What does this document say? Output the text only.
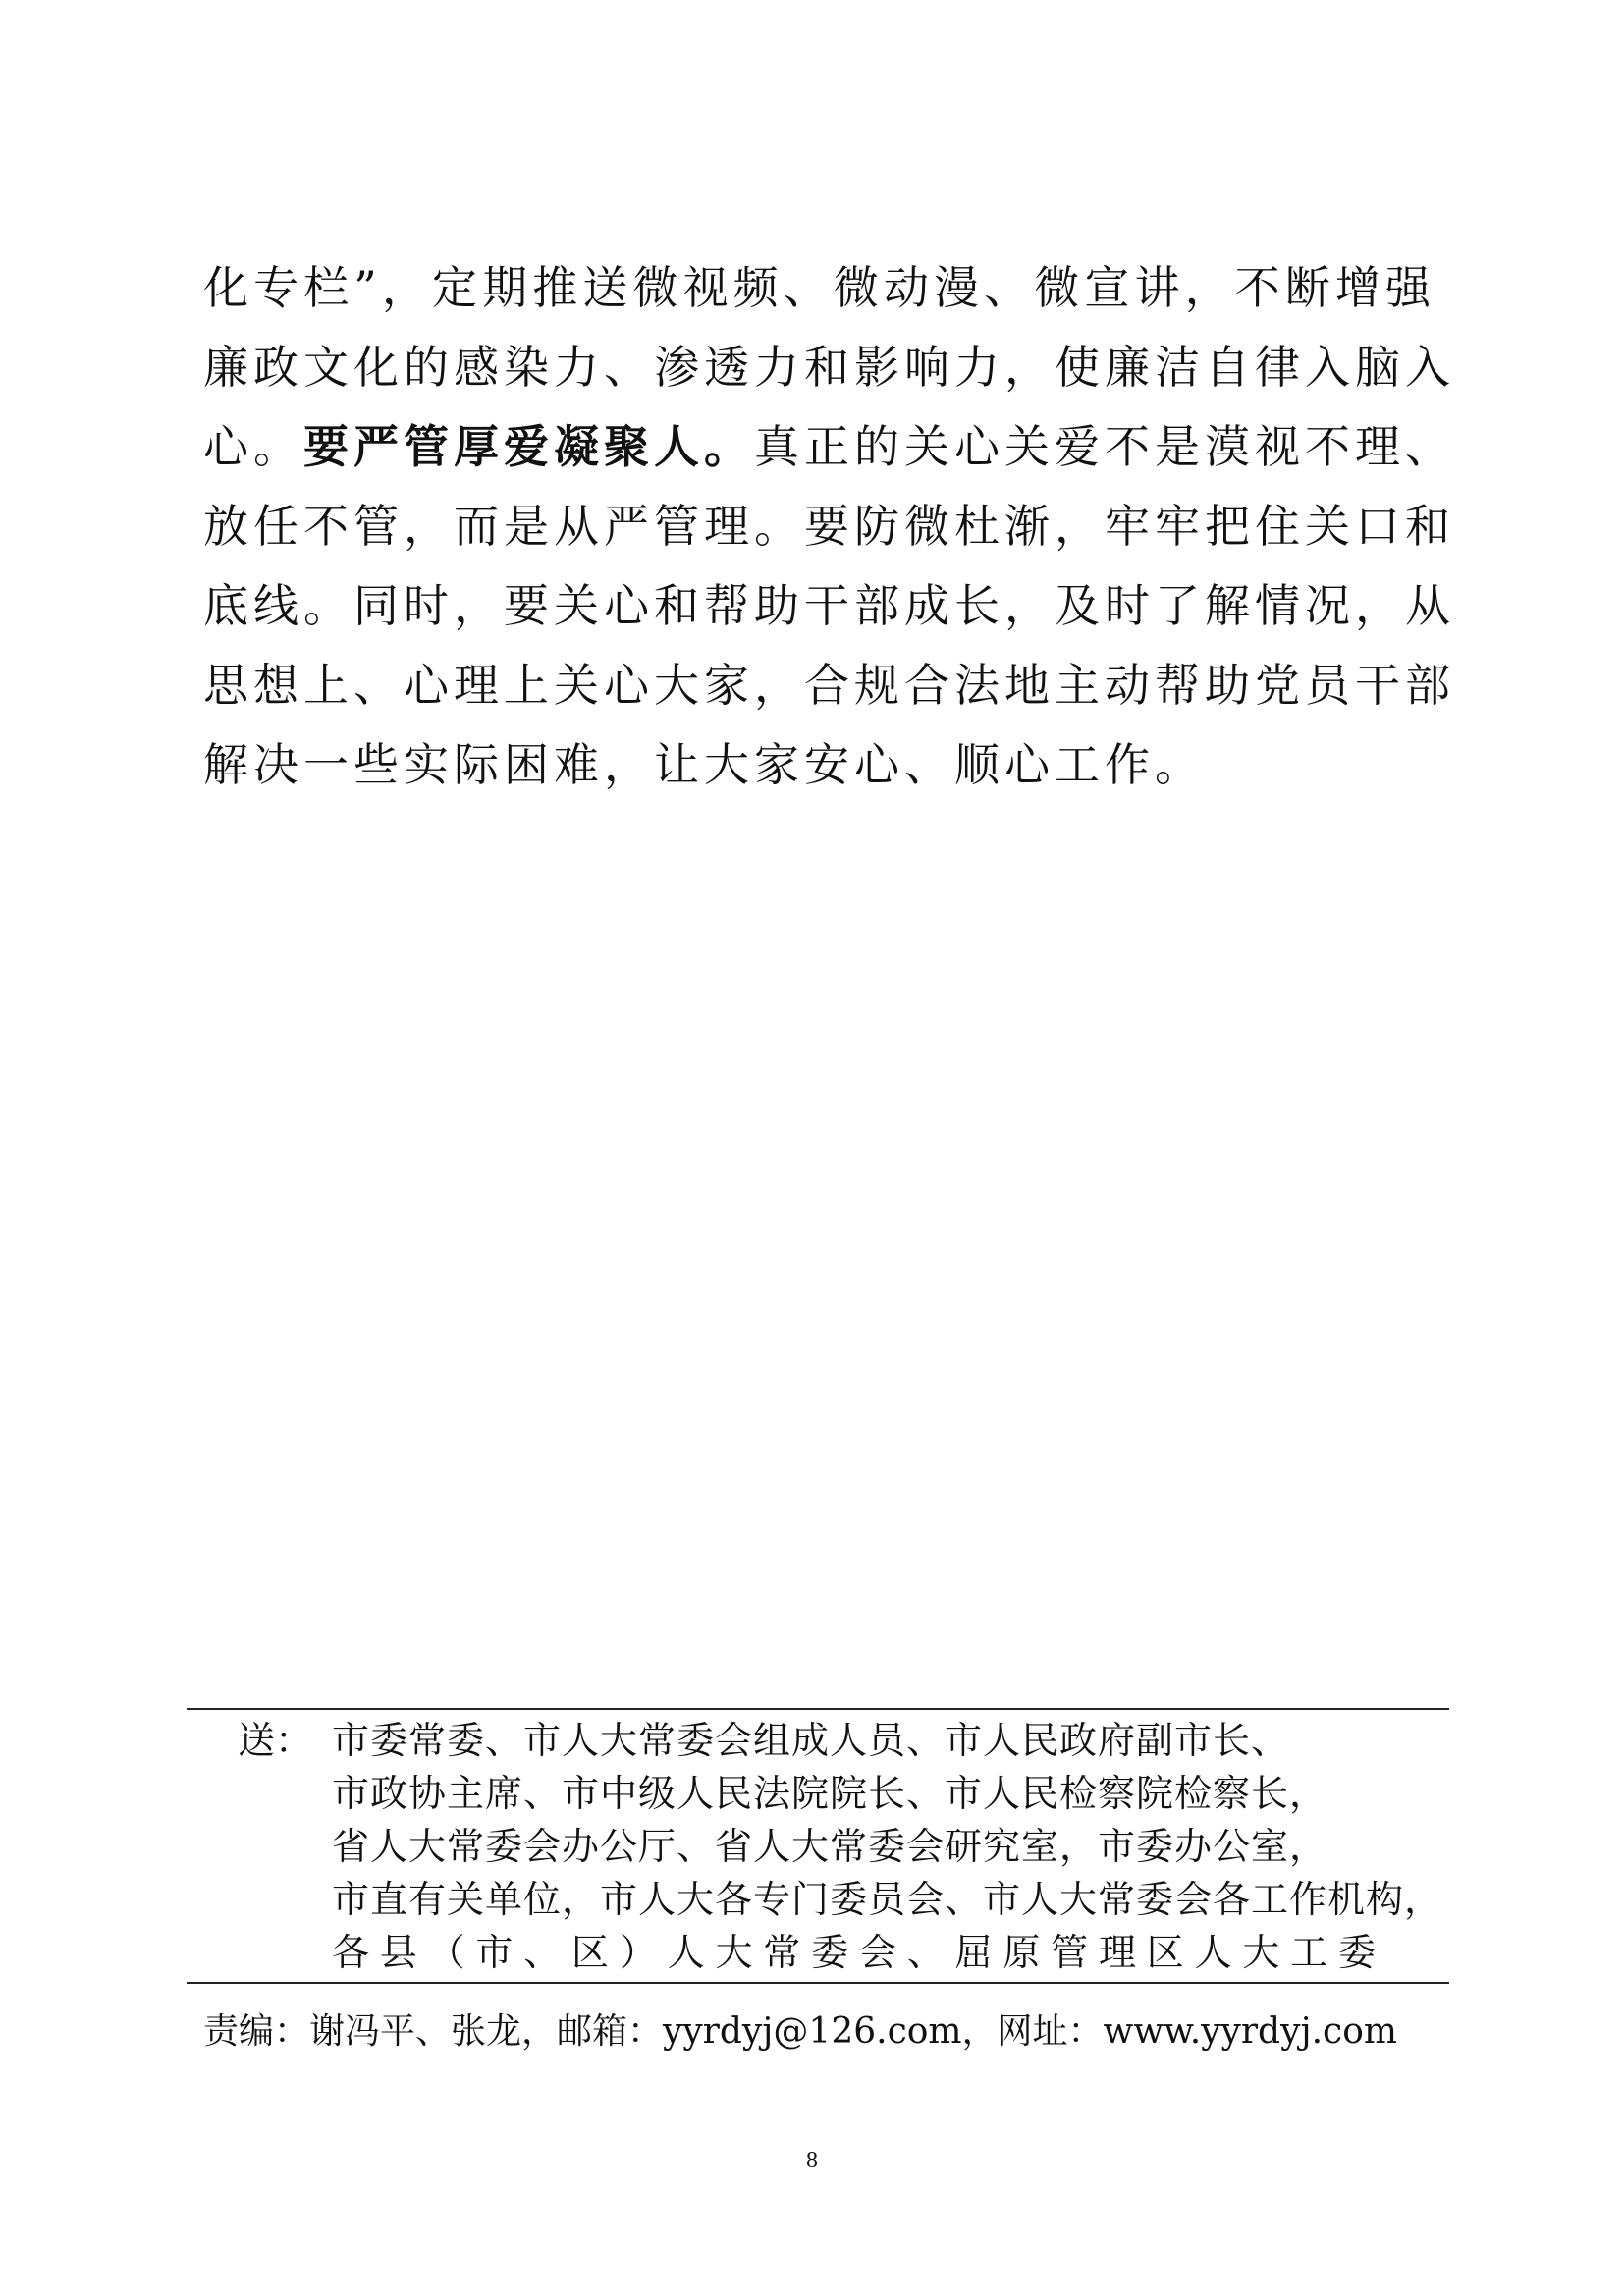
化专栏”，定期推送微视频、微动漫、微宣讲，不断增强
廉政文化的感染力、渗透力和影响力，使廉洁自律入脑入
心。要严管厚爱凝聚人。真正的关心关爱不是漠视不理、
放任不管，而是从严管理。要防微杜渐，牢牢把住关口和
底线。同时，要关心和帮助干部成长，及时了解情况，从
思想上、心理上关心大家，合规合法地主动帮助党员干部
解决一些实际困难，让大家安心、顺心工作。
送： 市委常委、市人大常委会组成人员、市人民政府副市长、
市政协主席、市中级人民法院院长、市人民检察院检察长，
省人大常委会办公厅、省人大常委会研究室，市委办公室，
市直有关单位，市人大各专门委员会、市人大常委会各工作机构，
各县（市、区）人大常委会、屈原管理区人大工委
责编：谢冯平、张龙，邮箱：yyrdyj@126.com，网址：www.yyrdyj.com
8
